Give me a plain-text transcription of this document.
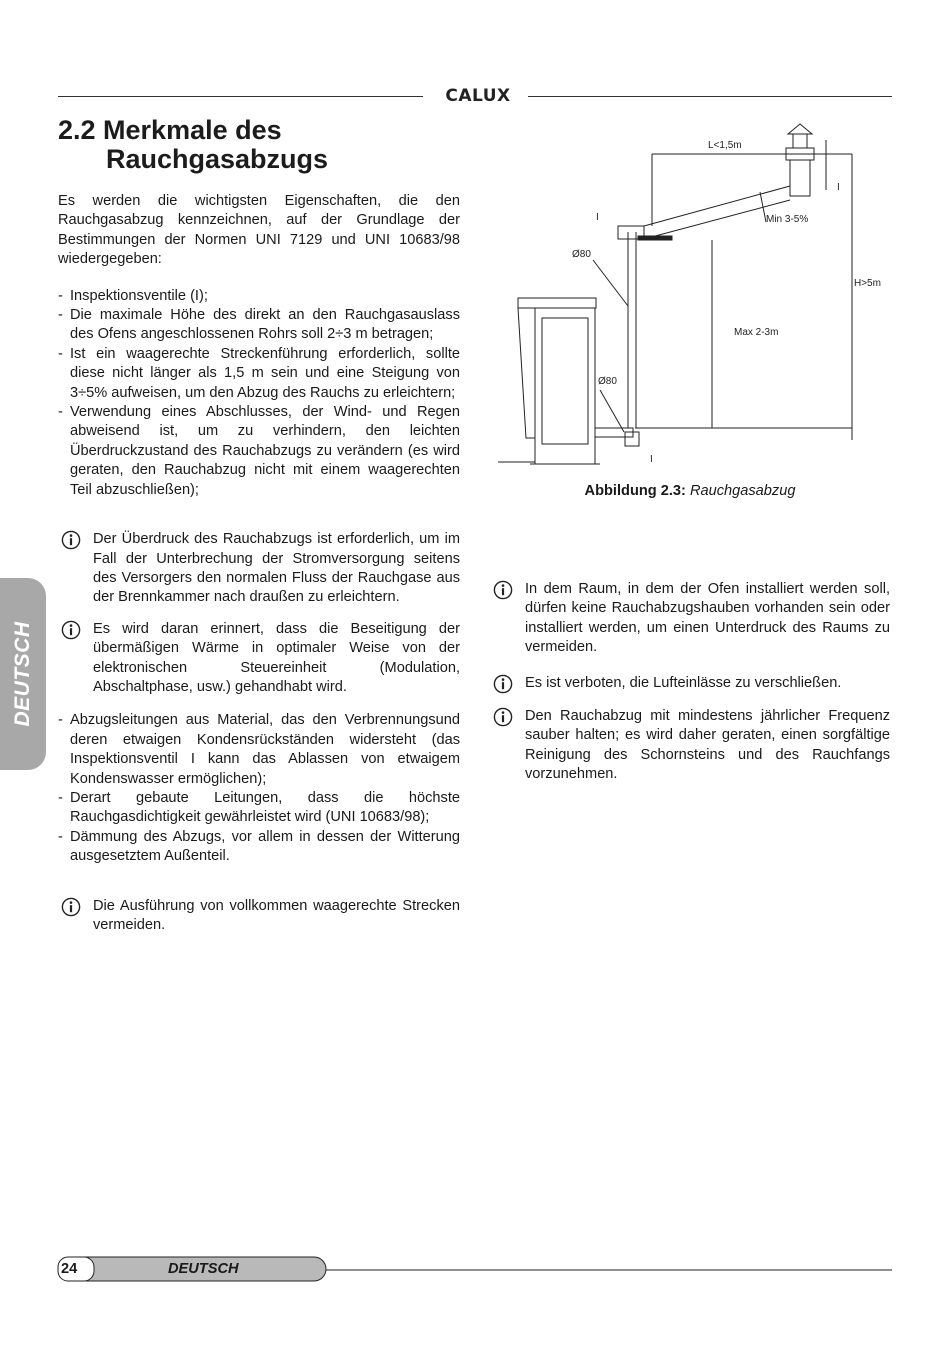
CALUX
2.2 Merkmale des
Rauchgasabzugs

Es werden die wichtigsten Eigenschaften, die den Rauchgasabzug kennzeichnen, auf der Grundlage der Bestimmungen der Normen UNI 7129 und UNI 10683/98 wiedergegeben:

- Inspektionsventile (I);
- Die maximale Höhe des direkt an den Rauchgasauslass des Ofens angeschlossenen Rohrs soll 2÷3 m betragen;
- Ist ein waagerechte Streckenführung erforderlich, sollte diese nicht länger als 1,5 m sein und eine Steigung von 3÷5% aufweisen, um den Abzug des Rauchs zu erleichtern;
- Verwendung eines Abschlusses, der Wind- und Regen abweisend ist, um zu verhindern, den leichten Überdruckzustand des Rauchabzugs zu verändern (es wird geraten, den Rauchabzug nicht mit einem waagerechten Teil abzuschließen);
Der Überdruck des Rauchabzugs ist erforderlich, um im Fall der Unterbrechung der Stromversorgung seitens des Versorgers den normalen Fluss der Rauchgase aus der Brennkammer nach draußen zu erleichtern.
Es wird daran erinnert, dass die Beseitigung der übermäßigen Wärme in optimaler Weise von der elektronischen Steuereinheit (Modulation, Abschaltphase, usw.) gehandhabt wird.
- Abzugsleitungen aus Material, das den Verbrennungsund deren etwaigen Kondensrückständen widersteht (das Inspektionsventil I kann das Ablassen von etwaigem Kondenswasser ermöglichen);
- Derart gebaute Leitungen, dass die höchste Rauchgasdichtigkeit gewährleistet wird (UNI 10683/98);
- Dämmung des Abzugs, vor allem in dessen der Witterung ausgesetztem Außenteil.
Die Ausführung von vollkommen waagerechte Strecken vermeiden.
L<1,5m
Min 3-5%
H>5m
Max 2-3m
Ø80
Ø80
I
I
I
Abbildung 2.3: Rauchgasabzug
In dem Raum, in dem der Ofen installiert werden soll, dürfen keine Rauchabzugshauben vorhanden sein oder installiert werden, um einen Unterdruck des Raums zu vermeiden.
Es ist verboten, die Lufteinlässe zu verschließen.
Den Rauchabzug mit mindestens jährlicher Frequenz sauber halten; es wird daher geraten, einen sorgfältige Reinigung des Schornsteins und des Rauchfangs vorzunehmen.
DEUTSCH
24	DEUTSCH
